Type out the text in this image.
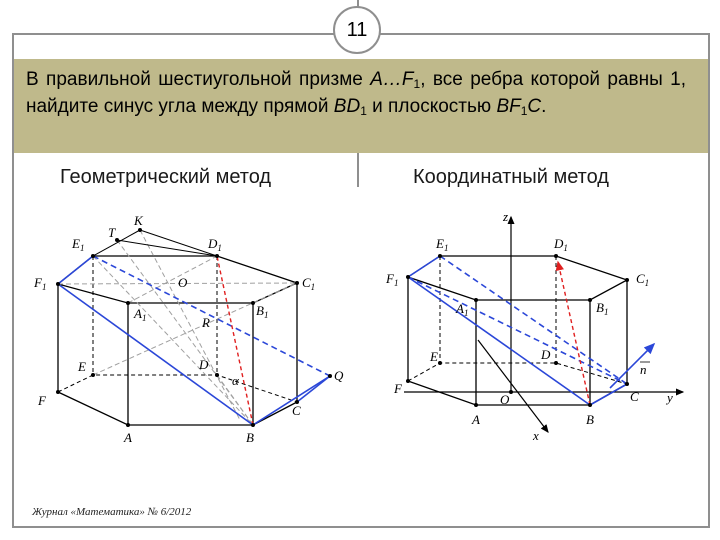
11
В правильной шестиугольной призме $A\dots F_1$, все ребра которой равны 1, найдите синус угла между прямой $BD_1$ и плоскостью $BF_1C$.
Геометрический метод	Координатный метод
K
T
$E_1$	$D_1$
$F_1$	$C_1$
O
$A_1$	R
$B_1$
E	D
α	Q
F
C
A	B
z
$E_1$	$D_1$
$F_1$	$C_1$
$A_1$	$B_1$
E	D
F
O
n
C y
A	B
x
Журнал «Математика» № 6/2012
